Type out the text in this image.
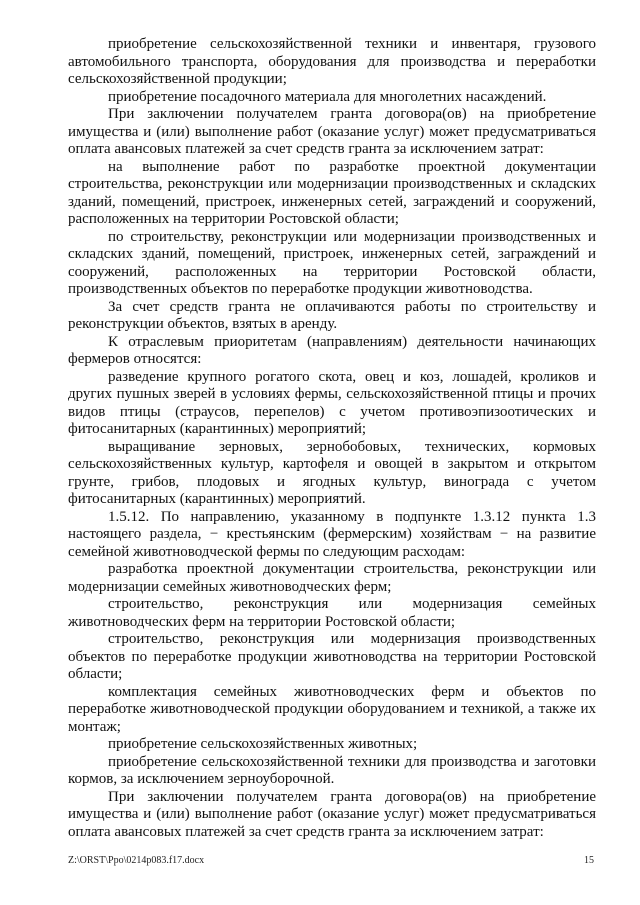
приобретение сельскохозяйственной техники и инвентаря, грузового автомобильного транспорта, оборудования для производства и переработки сельскохозяйственной продукции;

приобретение посадочного материала для многолетних насаждений.

При заключении получателем гранта договора(ов) на приобретение имущества и (или) выполнение работ (оказание услуг) может предусматриваться оплата авансовых платежей за счет средств гранта за исключением затрат:

на выполнение работ по разработке проектной документации строительства, реконструкции или модернизации производственных и складских зданий, помещений, пристроек, инженерных сетей, заграждений и сооружений, расположенных на территории Ростовской области;

по строительству, реконструкции или модернизации производственных и складских зданий, помещений, пристроек, инженерных сетей, заграждений и сооружений, расположенных на территории Ростовской области, производственных объектов по переработке продукции животноводства.

За счет средств гранта не оплачиваются работы по строительству и реконструкции объектов, взятых в аренду.

К отраслевым приоритетам (направлениям) деятельности начинающих фермеров относятся:

разведение крупного рогатого скота, овец и коз, лошадей, кроликов и других пушных зверей в условиях фермы, сельскохозяйственной птицы и прочих видов птицы (страусов, перепелов) с учетом противоэпизоотических и фитосанитарных (карантинных) мероприятий;

выращивание зерновых, зернобобовых, технических, кормовых сельскохозяйственных культур, картофеля и овощей в закрытом и открытом грунте, грибов, плодовых и ягодных культур, винограда с учетом фитосанитарных (карантинных) мероприятий.

1.5.12. По направлению, указанному в подпункте 1.3.12 пункта 1.3 настоящего раздела, − крестьянским (фермерским) хозяйствам − на развитие семейной животноводческой фермы по следующим расходам:

разработка проектной документации строительства, реконструкции или модернизации семейных животноводческих ферм;

строительство, реконструкция или модернизация семейных животноводческих ферм на территории Ростовской области;

строительство, реконструкция или модернизация производственных объектов по переработке продукции животноводства на территории Ростовской области;

комплектация семейных животноводческих ферм и объектов по переработке животноводческой продукции оборудованием и техникой, а также их монтаж;

приобретение сельскохозяйственных животных;

приобретение сельскохозяйственной техники для производства и заготовки кормов, за исключением зерноуборочной.

При заключении получателем гранта договора(ов) на приобретение имущества и (или) выполнение работ (оказание услуг) может предусматриваться оплата авансовых платежей за счет средств гранта за исключением затрат:

Z:\ORST\Ppo\0214p083.f17.docx	15
